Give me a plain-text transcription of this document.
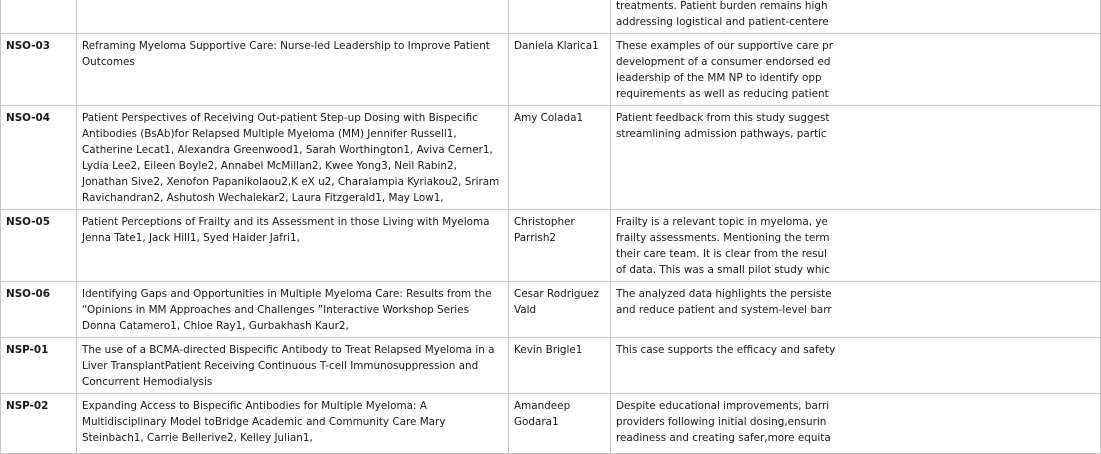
			treatments. Patient burden remains high
addressing logistical and patient-centere

NSO-03	Reframing Myeloma Supportive Care: Nurse-led Leadership to Improve Patient Outcomes	Daniela Klarica1	These examples of our supportive care pr
development of a consumer endorsed ed
leadership of the MM NP to identify opp
requirements as well as reducing patient

NSO-04	Patient Perspectives of Receiving Out-patient Step-up Dosing with Bispecific Antibodies (BsAb)for Relapsed Multiple Myeloma (MM) Jennifer Russell1, Catherine Lecat1, Alexandra Greenwood1, Sarah Worthington1, Aviva Cerner1, Lydia Lee2, Eileen Boyle2, Annabel McMillan2, Kwee Yong3, Neil Rabin2, Jonathan Sive2, Xenofon Papanikolaou2,K eX u2, Charalampia Kyriakou2, Sriram Ravichandran2, Ashutosh Wechalekar2, Laura Fitzgerald1, May Low1,	Amy Colada1	Patient feedback from this study suggest
streamlining admission pathways, partic

NSO-05	Patient Perceptions of Frailty and its Assessment in those Living with Myeloma Jenna Tate1, Jack Hill1, Syed Haider Jafri1,	Christopher Parrish2	Frailty is a relevant topic in myeloma, ye
frailty assessments. Mentioning the term
their care team. It is clear from the resul
of data. This was a small pilot study whic

NSO-06	Identifying Gaps and Opportunities in Multiple Myeloma Care: Results from the “Opinions in MM Approaches and Challenges ”Interactive Workshop Series Donna Catamero1, Chloe Ray1, Gurbakhash Kaur2,	Cesar Rodriguez Vald	The analyzed data highlights the persiste
and reduce patient and system-level barr

NSP-01	The use of a BCMA-directed Bispecific Antibody to Treat Relapsed Myeloma in a Liver TransplantPatient Receiving Continuous T-cell Immunosuppression and Concurrent Hemodialysis	Kevin Brigle1	This case supports the efficacy and safety

NSP-02	Expanding Access to Bispecific Antibodies for Multiple Myeloma: A Multidisciplinary Model toBridge Academic and Community Care Mary Steinbach1, Carrie Bellerive2, Kelley Julian1,	Amandeep Godara1	Despite educational improvements, barri
providers following initial dosing,ensurin
readiness and creating safer,more equita
